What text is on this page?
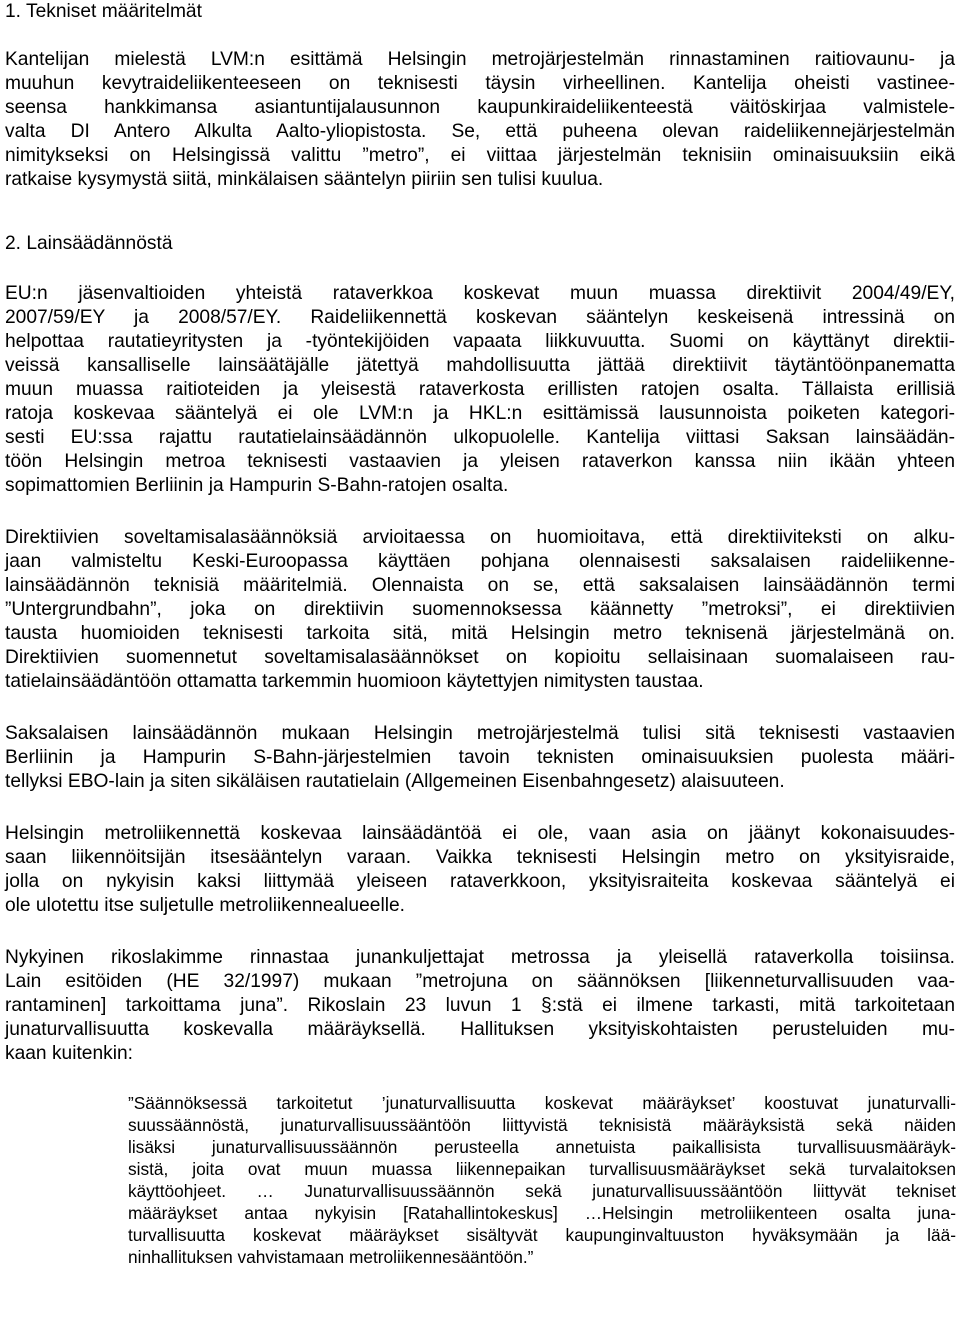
1. Tekniset määritelmät
Kantelijan mielestä LVM:n esittämä Helsingin metrojärjestelmän rinnastaminen raitiovaunu- ja
muuhun kevytraideliikenteeseen on teknisesti täysin virheellinen. Kantelija oheisti vastinee-
seensa hankkimansa asiantuntijalausunnon kaupunkiraideliikenteestä väitöskirjaa valmistele-
valta DI Antero Alkulta Aalto-yliopistosta. Se, että puheena olevan raideliikennejärjestelmän
nimitykseksi on Helsingissä valittu ”metro”, ei viittaa järjestelmän teknisiin ominaisuuksiin eikä
ratkaise kysymystä siitä, minkälaisen sääntelyn piiriin sen tulisi kuulua.
2. Lainsäädännöstä
EU:n jäsenvaltioiden yhteistä rataverkkoa koskevat muun muassa direktiivit 2004/49/EY,
2007/59/EY ja 2008/57/EY. Raideliikennettä koskevan sääntelyn keskeisenä intressinä on
helpottaa rautatieyritysten ja -työntekijöiden vapaata liikkuvuutta. Suomi on käyttänyt direktii-
veissä kansalliselle lainsäätäjälle jätettyä mahdollisuutta jättää direktiivit täytäntöönpanematta
muun muassa raitioteiden ja yleisestä rataverkosta erillisten ratojen osalta. Tällaista erillisiä
ratoja koskevaa sääntelyä ei ole LVM:n ja HKL:n esittämissä lausunnoista poiketen kategori-
sesti EU:ssa rajattu rautatielainsäädännön ulkopuolelle. Kantelija viittasi Saksan lainsäädän-
töön Helsingin metroa teknisesti vastaavien ja yleisen rataverkon kanssa niin ikään yhteen
sopimattomien Berliinin ja Hampurin S-Bahn-ratojen osalta.
Direktiivien soveltamisalasäännöksiä arvioitaessa on huomioitava, että direktiiviteksti on alku-
jaan valmisteltu Keski-Euroopassa käyttäen pohjana olennaisesti saksalaisen raideliikenne-
lainsäädännön teknisiä määritelmiä. Olennaista on se, että saksalaisen lainsäädännön termi
”Untergrundbahn”, joka on direktiivin suomennoksessa käännetty ”metroksi”, ei direktiivien
tausta huomioiden teknisesti tarkoita sitä, mitä Helsingin metro teknisenä järjestelmänä on.
Direktiivien suomennetut soveltamisalasäännökset on kopioitu sellaisinaan suomalaiseen rau-
tatielainsäädäntöön ottamatta tarkemmin huomioon käytettyjen nimitysten taustaa.
Saksalaisen lainsäädännön mukaan Helsingin metrojärjestelmä tulisi sitä teknisesti vastaavien
Berliinin ja Hampurin S-Bahn-järjestelmien tavoin teknisten ominaisuuksien puolesta määri-
tellyksi EBO-lain ja siten sikäläisen rautatielain (Allgemeinen Eisenbahngesetz) alaisuuteen.
Helsingin metroliikennettä koskevaa lainsäädäntöä ei ole, vaan asia on jäänyt kokonaisuudes-
saan liikennöitsijän itsesääntelyn varaan. Vaikka teknisesti Helsingin metro on yksityisraide,
jolla on nykyisin kaksi liittymää yleiseen rataverkkoon, yksityisraiteita koskevaa sääntelyä ei
ole ulotettu itse suljetulle metroliikennealueelle.
Nykyinen rikoslakimme rinnastaa junankuljettajat metrossa ja yleisellä rataverkolla toisiinsa.
Lain esitöiden (HE 32/1997) mukaan ”metrojuna on säännöksen [liikenneturvallisuuden vaa-
rantaminen] tarkoittama juna”. Rikoslain 23 luvun 1 §:stä ei ilmene tarkasti, mitä tarkoitetaan
junaturvallisuutta koskevalla määräyksellä. Hallituksen yksityiskohtaisten perusteluiden mu-
kaan kuitenkin:
”Säännöksessä tarkoitetut ’junaturvallisuutta koskevat määräykset’ koostuvat junaturvalli-
suussäännöstä, junaturvallisuussääntöön liittyvistä teknisistä määräyksistä sekä näiden
lisäksi junaturvallisuussäännön perusteella annetuista paikallisista turvallisuusmääräyk-
sistä, joita ovat muun muassa liikennepaikan turvallisuusmääräykset sekä turvalaitoksen
käyttöohjeet. … Junaturvallisuussäännön sekä junaturvallisuussääntöön liittyvät tekniset
määräykset antaa nykyisin [Ratahallintokeskus] …Helsingin metroliikenteen osalta juna-
turvallisuutta koskevat määräykset sisältyvät kaupunginvaltuuston hyväksymään ja lää-
ninhallituksen vahvistamaan metroliikennesääntöön.”
